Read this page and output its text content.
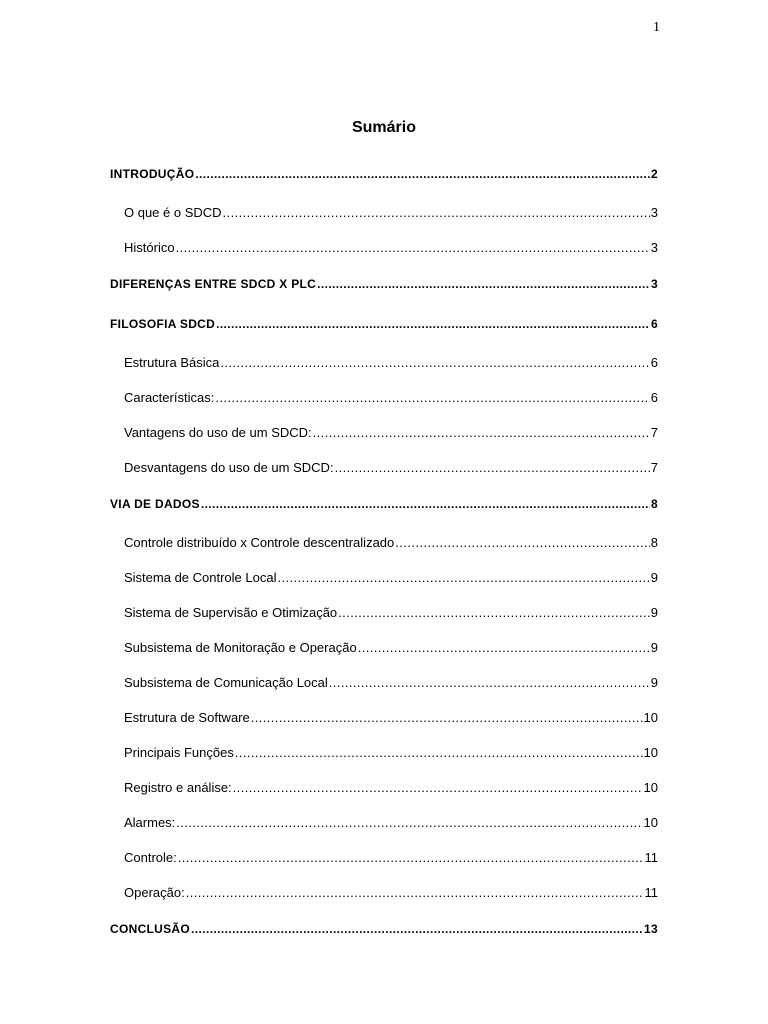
1
Sumário
INTRODUÇÃO .....	2
O que é o SDCD .....	3
Histórico .....	3
DIFERENÇAS ENTRE SDCD X PLC .....	3
FILOSOFIA SDCD .....	6
Estrutura Básica .....	6
Características: .....	6
Vantagens do uso de um SDCD: .....	7
Desvantagens do uso de um SDCD: .....	7
VIA DE DADOS .....	8
Controle distribuído x Controle descentralizado .....	8
Sistema de Controle Local .....	9
Sistema de Supervisão e Otimização .....	9
Subsistema de Monitoração e Operação .....	9
Subsistema de Comunicação Local .....	9
Estrutura de Software .....	10
Principais Funções .....	10
Registro e análise: .....	10
Alarmes: .....	10
Controle: .....	11
Operação: .....	11
CONCLUSÃO .....	13
